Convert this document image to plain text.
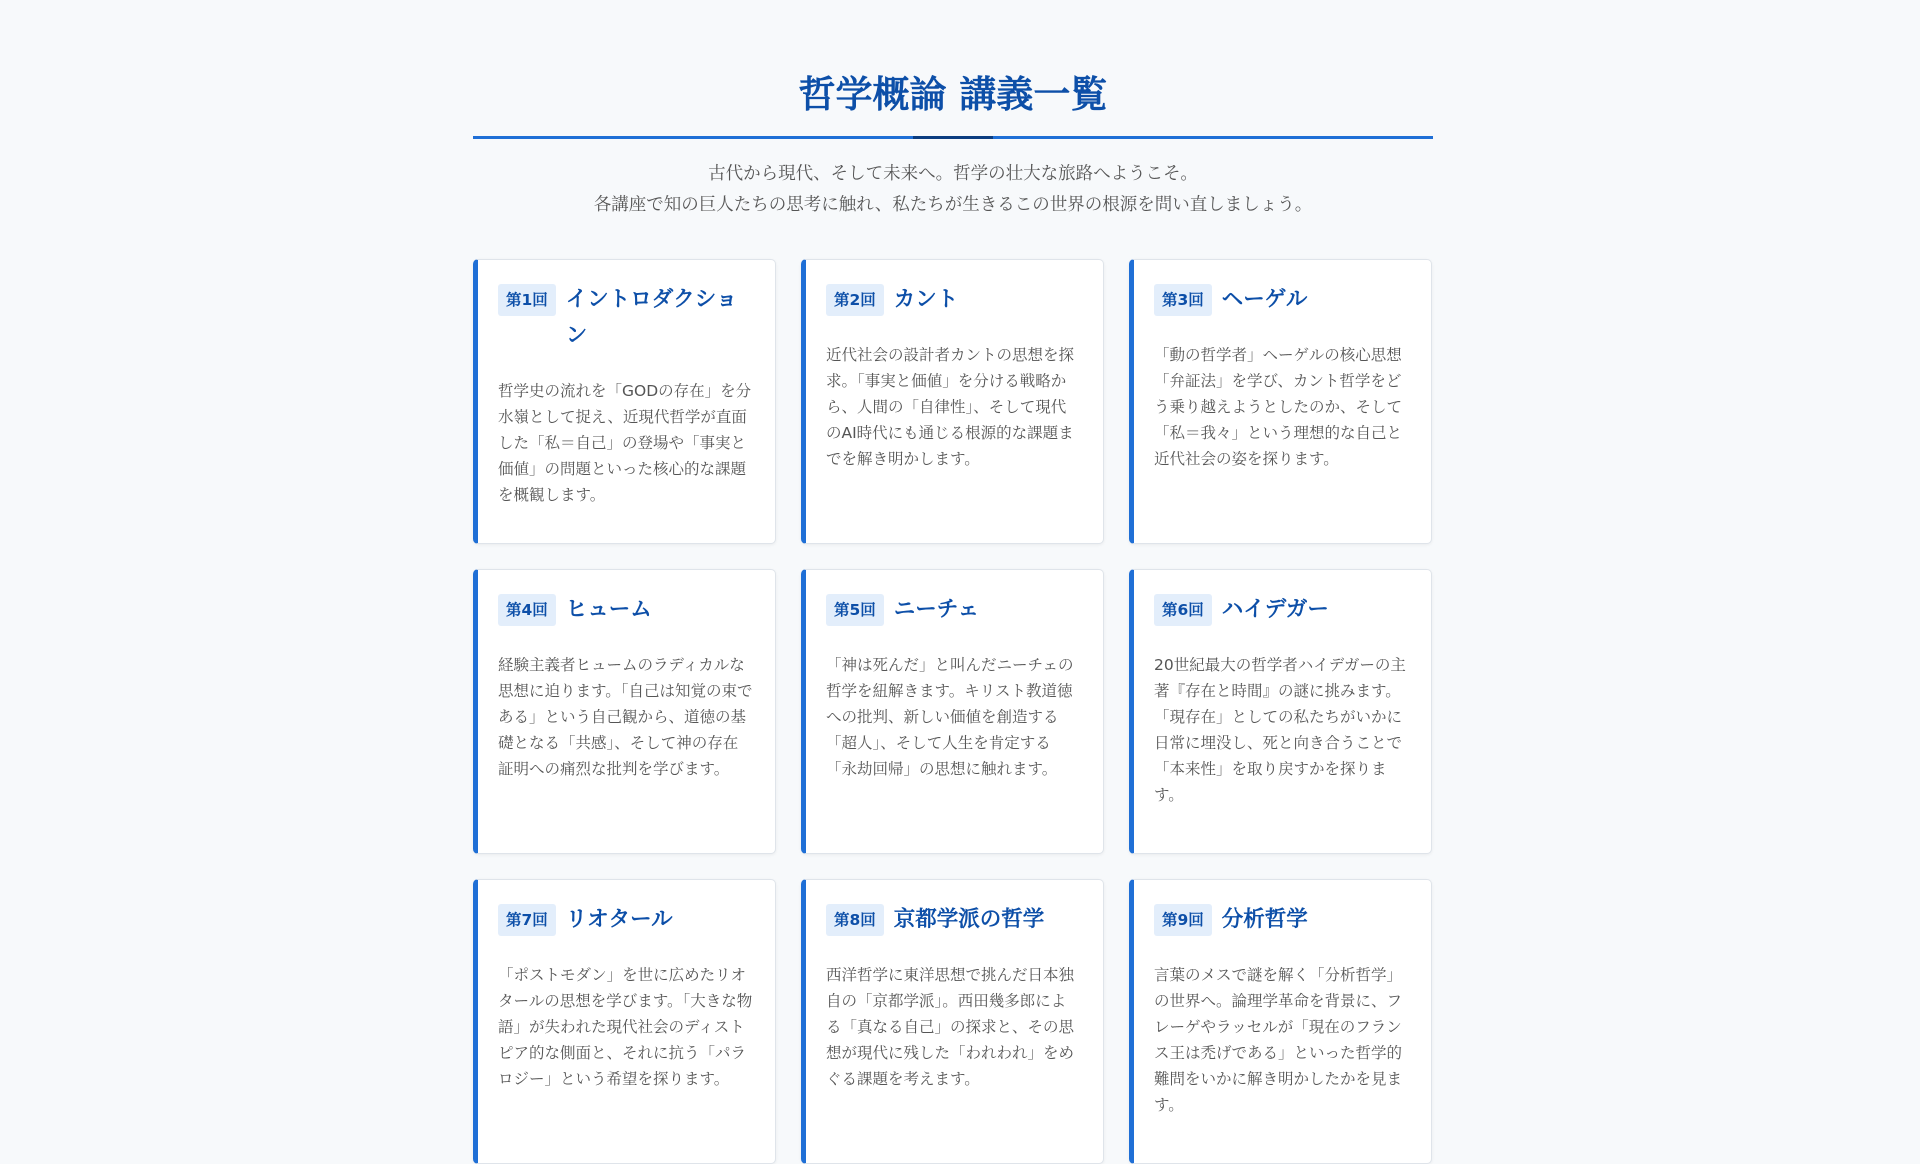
哲学概論 講義一覧
古代から現代、そして未来へ。哲学の壮大な旅路へようこそ。
各講座で知の巨人たちの思考に触れ、私たちが生きるこの世界の根源を問い直しましょう。
第1回 イントロダクション
哲学史の流れを「GODの存在」を分水嶺として捉え、近現代哲学が直面した「私＝自己」の登場や「事実と価値」の問題といった核心的な課題を概観します。
第2回 カント
近代社会の設計者カントの思想を探求。「事実と価値」を分ける戦略から、人間の「自律性」、そして現代のAI時代にも通じる根源的な課題までを解き明かします。
第3回 ヘーゲル
「動の哲学者」ヘーゲルの核心思想「弁証法」を学び、カント哲学をどう乗り越えようとしたのか、そして「私＝我々」という理想的な自己と近代社会の姿を探ります。
第4回 ヒューム
経験主義者ヒュームのラディカルな思想に迫ります。「自己は知覚の束である」という自己観から、道徳の基礎となる「共感」、そして神の存在証明への痛烈な批判を学びます。
第5回 ニーチェ
「神は死んだ」と叫んだニーチェの哲学を紐解きます。キリスト教道徳への批判、新しい価値を創造する「超人」、そして人生を肯定する「永劫回帰」の思想に触れます。
第6回 ハイデガー
20世紀最大の哲学者ハイデガーの主著『存在と時間』の謎に挑みます。「現存在」としての私たちがいかに日常に埋没し、死と向き合うことで「本来性」を取り戻すかを探ります。
第7回 リオタール
「ポストモダン」を世に広めたリオタールの思想を学びます。「大きな物語」が失われた現代社会のディストピア的な側面と、それに抗う「パラロジー」という希望を探ります。
第8回 京都学派の哲学
西洋哲学に東洋思想で挑んだ日本独自の「京都学派」。西田幾多郎による「真なる自己」の探求と、その思想が現代に残した「われわれ」をめぐる課題を考えます。
第9回 分析哲学
言葉のメスで謎を解く「分析哲学」の世界へ。論理学革命を背景に、フレーゲやラッセルが「現在のフランス王は禿げである」といった哲学的難問をいかに解き明かしたかを見ます。
